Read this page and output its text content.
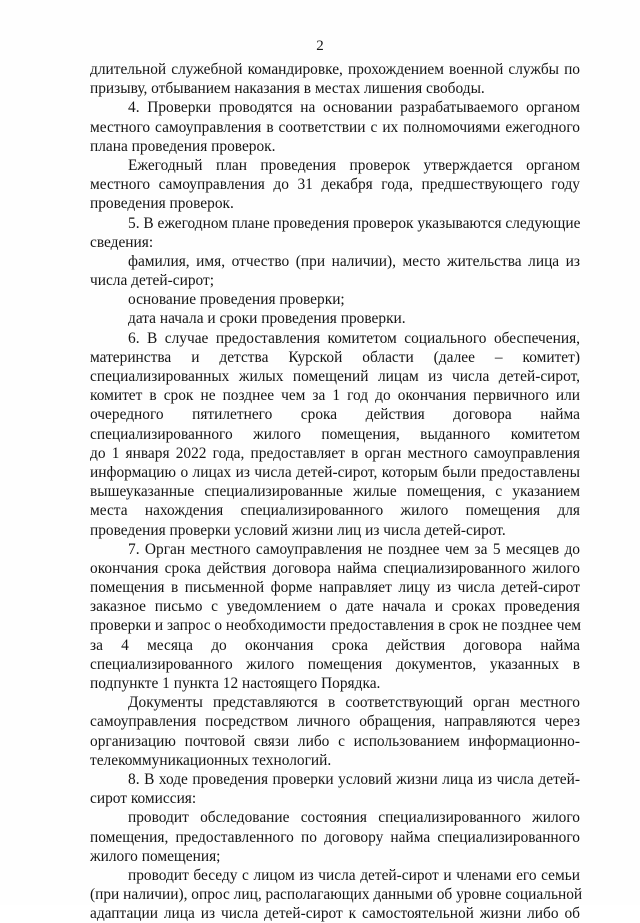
2
длительной служебной командировке, прохождением военной службы по
призыву, отбыванием наказания в местах лишения свободы.
4. Проверки проводятся на основании разрабатываемого органом
местного самоуправления в соответствии с их полномочиями ежегодного
плана проведения проверок.
Ежегодный план проведения проверок утверждается органом
местного самоуправления до 31 декабря года, предшествующего году
проведения проверок.
5. В ежегодном плане проведения проверок указываются следующие
сведения:
фамилия, имя, отчество (при наличии), место жительства лица из
числа детей-сирот;
основание проведения проверки;
дата начала и сроки проведения проверки.
6. В случае предоставления комитетом социального обеспечения,
материнства и детства Курской области (далее – комитет)
специализированных жилых помещений лицам из числа детей-сирот,
комитет в срок не позднее чем за 1 год до окончания первичного или
очередного пятилетнего срока действия договора найма
специализированного жилого помещения, выданного комитетом
до 1 января 2022 года, предоставляет в орган местного самоуправления
информацию о лицах из числа детей-сирот, которым были предоставлены
вышеуказанные специализированные жилые помещения, с указанием
места нахождения специализированного жилого помещения для
проведения проверки условий жизни лиц из числа детей-сирот.
7. Орган местного самоуправления не позднее чем за 5 месяцев до
окончания срока действия договора найма специализированного жилого
помещения в письменной форме направляет лицу из числа детей-сирот
заказное письмо с уведомлением о дате начала и сроках проведения
проверки и запрос о необходимости предоставления в срок не позднее чем
за 4 месяца до окончания срока действия договора найма
специализированного жилого помещения документов, указанных в
подпункте 1 пункта 12 настоящего Порядка.
Документы представляются в соответствующий орган местного
самоуправления посредством личного обращения, направляются через
организацию почтовой связи либо с использованием информационно-
телекоммуникационных технологий.
8. В ходе проведения проверки условий жизни лица из числа детей-
сирот комиссия:
проводит обследование состояния специализированного жилого
помещения, предоставленного по договору найма специализированного
жилого помещения;
проводит беседу с лицом из числа детей-сирот и членами его семьи
(при наличии), опрос лиц, располагающих данными об уровне социальной
адаптации лица из числа детей-сирот к самостоятельной жизни либо об
